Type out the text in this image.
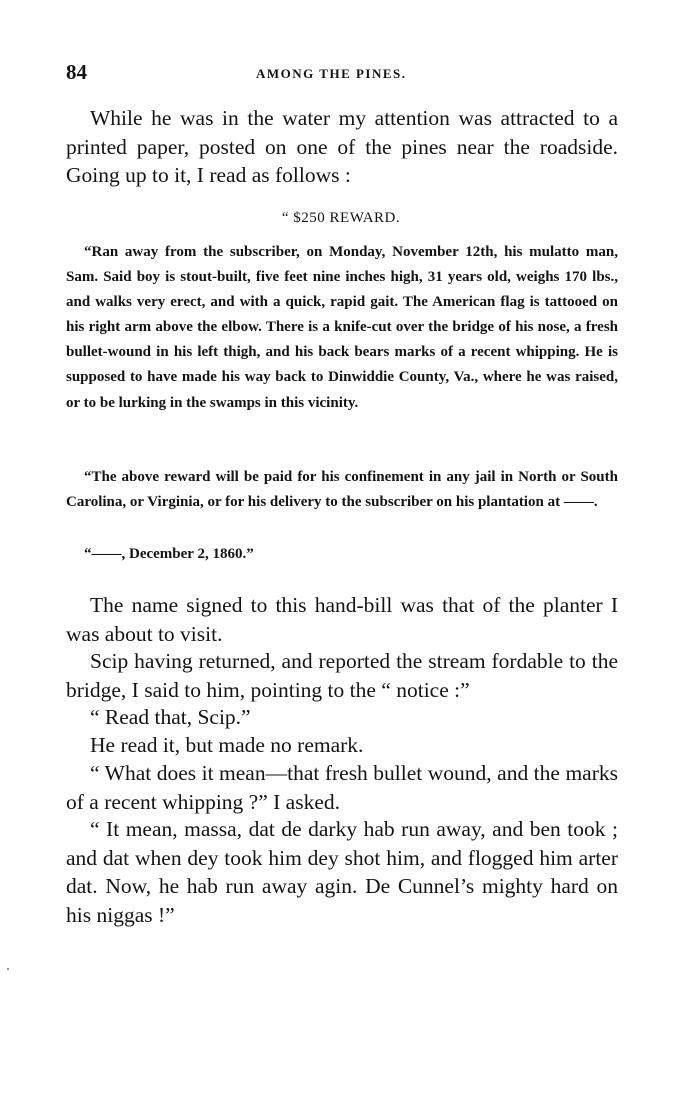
84	AMONG THE PINES.

While he was in the water my attention was attracted to a printed paper, posted on one of the pines near the roadside. Going up to it, I read as follows :

“ $250 REWARD.

“Ran away from the subscriber, on Monday, November 12th, his mulatto man, Sam. Said boy is stout-built, five feet nine inches high, 31 years old, weighs 170 lbs., and walks very erect, and with a quick, rapid gait. The American flag is tattooed on his right arm above the elbow. There is a knife-cut over the bridge of his nose, a fresh bullet-wound in his left thigh, and his back bears marks of a recent whipping. He is supposed to have made his way back to Dinwiddie County, Va., where he was raised, or to be lurking in the swamps in this vicinity.

“The above reward will be paid for his confinement in any jail in North or South Carolina, or Virginia, or for his delivery to the subscriber on his plantation at ——.

“——, December 2, 1860.”

The name signed to this hand-bill was that of the planter I was about to visit.

Scip having returned, and reported the stream fordable to the bridge, I said to him, pointing to the “ notice :”

“ Read that, Scip.”

He read it, but made no remark.

“ What does it mean—that fresh bullet wound, and the marks of a recent whipping ?” I asked.

“ It mean, massa, dat de darky hab run away, and ben took ; and dat when dey took him dey shot him, and flogged him arter dat. Now, he hab run away agin. De Cunnel’s mighty hard on his niggas !”
